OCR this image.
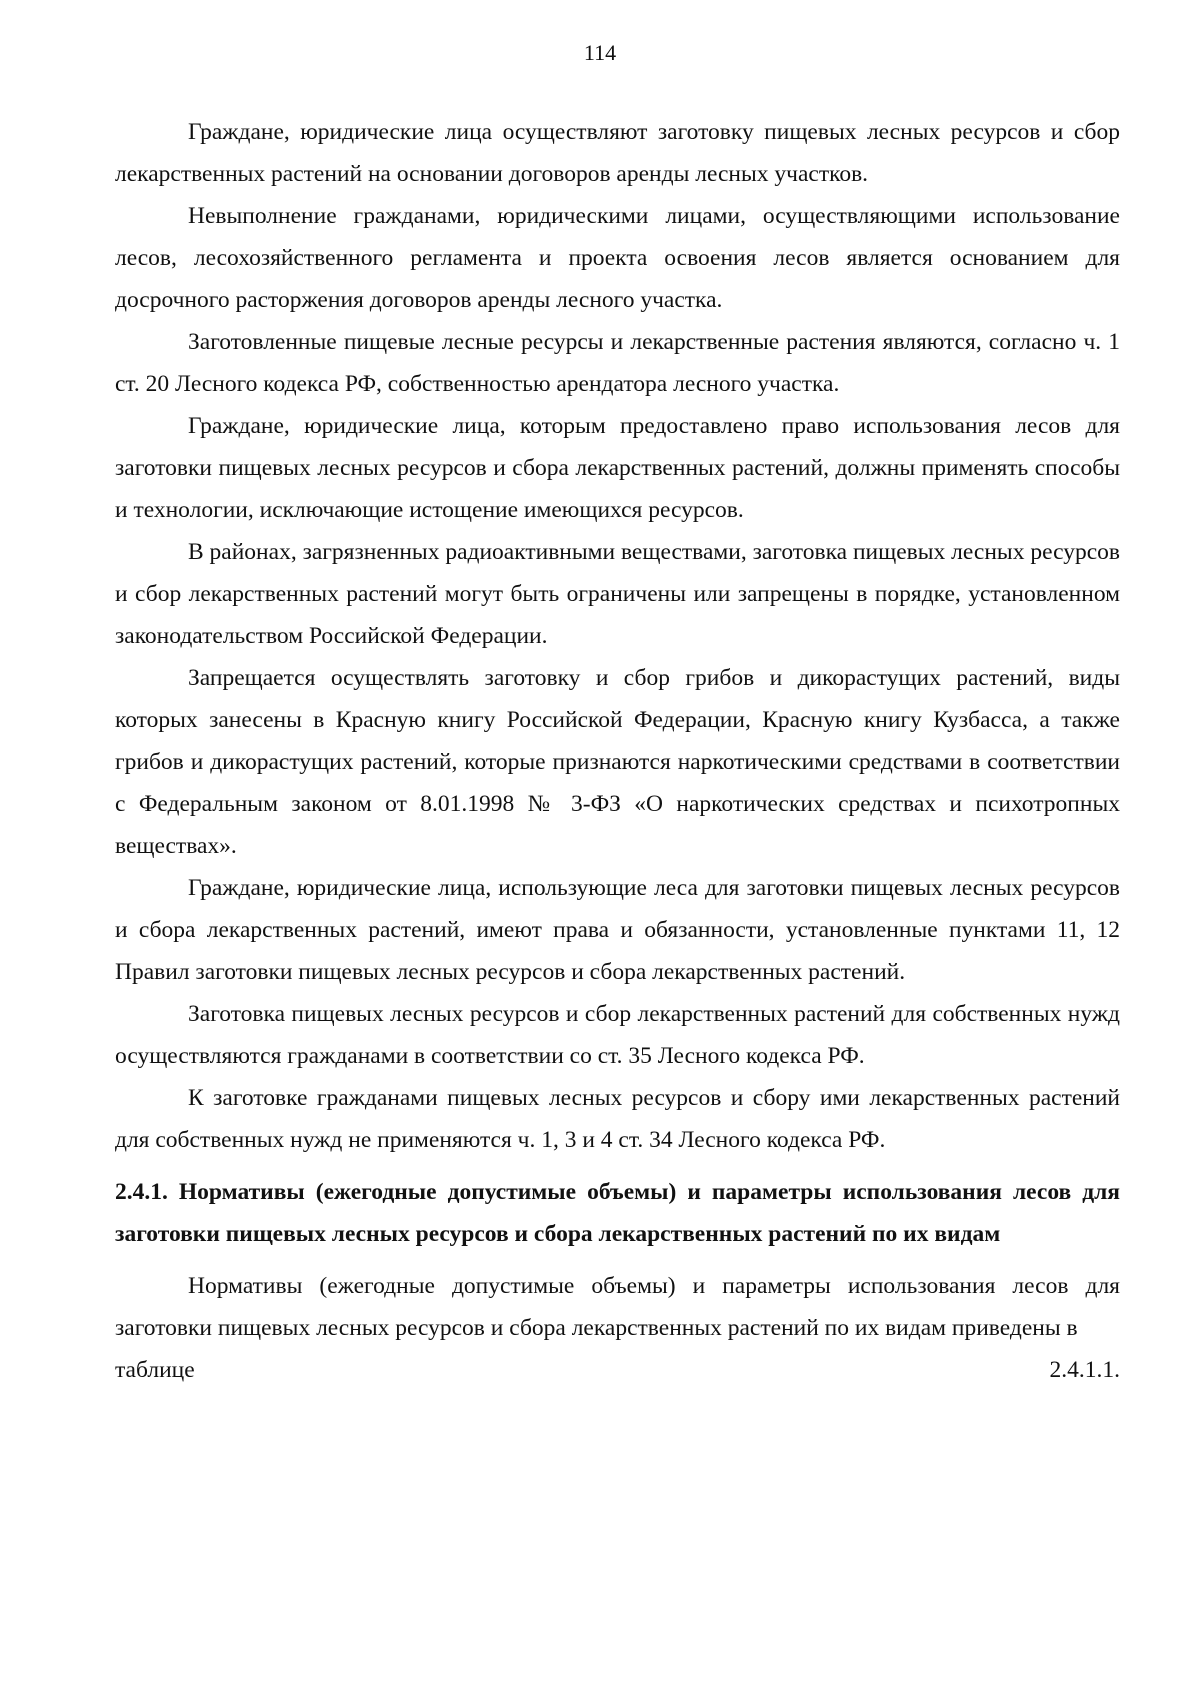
114

Граждане, юридические лица осуществляют заготовку пищевых лесных ресурсов и сбор лекарственных растений на основании договоров аренды лесных участков.

Невыполнение гражданами, юридическими лицами, осуществляющими использование лесов, лесохозяйственного регламента и проекта освоения лесов является основанием для досрочного расторжения договоров аренды лесного участка.

Заготовленные пищевые лесные ресурсы и лекарственные растения являются, согласно ч. 1 ст. 20 Лесного кодекса РФ, собственностью арендатора лесного участка.

Граждане, юридические лица, которым предоставлено право использования лесов для заготовки пищевых лесных ресурсов и сбора лекарственных растений, должны применять способы и технологии, исключающие истощение имеющихся ресурсов.

В районах, загрязненных радиоактивными веществами, заготовка пищевых лесных ресурсов и сбор лекарственных растений могут быть ограничены или запрещены в порядке, установленном законодательством Российской Федерации.

Запрещается осуществлять заготовку и сбор грибов и дикорастущих растений, виды которых занесены в Красную книгу Российской Федерации, Красную книгу Кузбасса, а также грибов и дикорастущих растений, которые признаются наркотическими средствами в соответствии с Федеральным законом от 8.01.1998 № 3-ФЗ «О наркотических средствах и психотропных веществах».

Граждане, юридические лица, использующие леса для заготовки пищевых лесных ресурсов и сбора лекарственных растений, имеют права и обязанности, установленные пунктами 11, 12 Правил заготовки пищевых лесных ресурсов и сбора лекарственных растений.

Заготовка пищевых лесных ресурсов и сбор лекарственных растений для собственных нужд осуществляются гражданами в соответствии со ст. 35 Лесного кодекса РФ.

К заготовке гражданами пищевых лесных ресурсов и сбору ими лекарственных растений для собственных нужд не применяются ч. 1, 3 и 4 ст. 34 Лесного кодекса РФ.

2.4.1. Нормативы (ежегодные допустимые объемы) и параметры использования лесов для заготовки пищевых лесных ресурсов и сбора лекарственных растений по их видам

Нормативы (ежегодные допустимые объемы) и параметры использования лесов для заготовки пищевых лесных ресурсов и сбора лекарственных растений по их видам приведены в

таблице	2.4.1.1.
